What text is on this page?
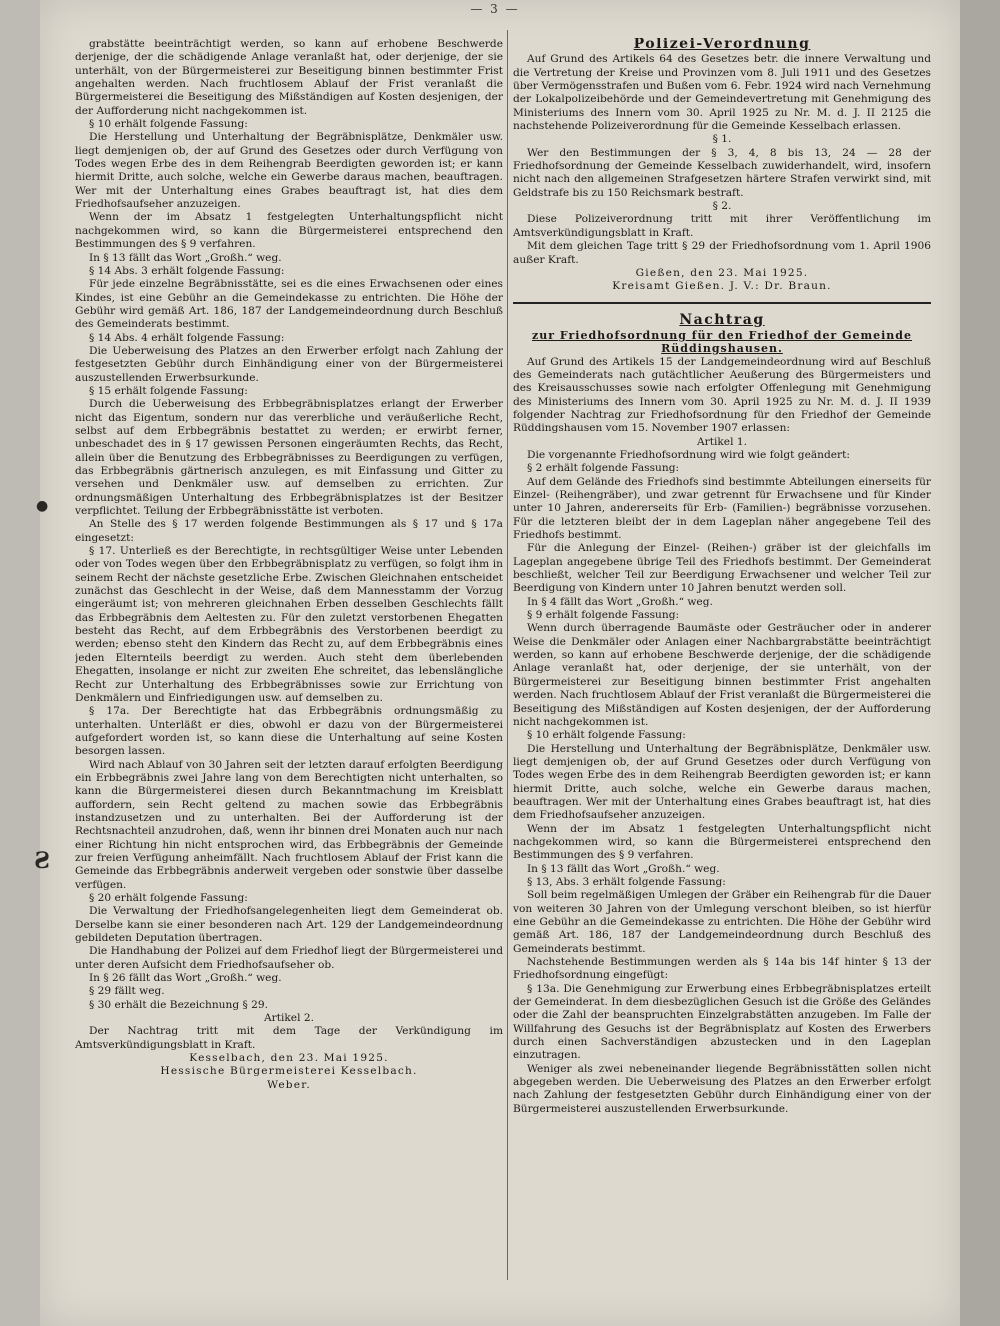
— 3 —
●
Ƨ

grabstätte beeinträchtigt werden, so kann auf erhobene Beschwerde derjenige, der die schädigende Anlage veranlaßt hat, oder derjenige, der sie unterhält, von der Bürgermeisterei zur Beseitigung binnen bestimmter Frist angehalten werden. Nach fruchtlosem Ablauf der Frist veranlaßt die Bürgermeisterei die Beseitigung des Mißständigen auf Kosten desjenigen, der der Aufforderung nicht nachgekommen ist.

§ 10 erhält folgende Fassung:

Die Herstellung und Unterhaltung der Begräbnisplätze, Denkmäler usw. liegt demjenigen ob, der auf Grund des Gesetzes oder durch Verfügung von Todes wegen Erbe des in dem Reihengrab Beerdigten geworden ist; er kann hiermit Dritte, auch solche, welche ein Gewerbe daraus machen, beauftragen. Wer mit der Unterhaltung eines Grabes beauftragt ist, hat dies dem Friedhofsaufseher anzuzeigen.

Wenn der im Absatz 1 festgelegten Unterhaltungspflicht nicht nachgekommen wird, so kann die Bürgermeisterei entsprechend den Bestimmungen des § 9 verfahren.

In § 13 fällt das Wort „Großh.“ weg.

§ 14 Abs. 3 erhält folgende Fassung:

Für jede einzelne Begräbnisstätte, sei es die eines Erwachsenen oder eines Kindes, ist eine Gebühr an die Gemeindekasse zu entrichten. Die Höhe der Gebühr wird gemäß Art. 186, 187 der Landgemeindeordnung durch Beschluß des Gemeinderats bestimmt.

§ 14 Abs. 4 erhält folgende Fassung:

Die Ueberweisung des Platzes an den Erwerber erfolgt nach Zahlung der festgesetzten Gebühr durch Einhändigung einer von der Bürgermeisterei auszustellenden Erwerbsurkunde.

§ 15 erhält folgende Fassung:

Durch die Ueberweisung des Erbbegräbnisplatzes erlangt der Erwerber nicht das Eigentum, sondern nur das vererbliche und veräußerliche Recht, selbst auf dem Erbbegräbnis bestattet zu werden; er erwirbt ferner, unbeschadet des in § 17 gewissen Personen eingeräumten Rechts, das Recht, allein über die Benutzung des Erbbegräbnisses zu Beerdigungen zu verfügen, das Erbbegräbnis gärtnerisch anzulegen, es mit Einfassung und Gitter zu versehen und Denkmäler usw. auf demselben zu errichten. Zur ordnungsmäßigen Unterhaltung des Erbbegräbnisplatzes ist der Besitzer verpflichtet. Teilung der Erbbegräbnisstätte ist verboten.

An Stelle des § 17 werden folgende Bestimmungen als § 17 und § 17a eingesetzt:

§ 17. Unterließ es der Berechtigte, in rechtsgültiger Weise unter Lebenden oder von Todes wegen über den Erbbegräbnisplatz zu verfügen, so folgt ihm in seinem Recht der nächste gesetzliche Erbe. Zwischen Gleichnahen entscheidet zunächst das Geschlecht in der Weise, daß dem Mannesstamm der Vorzug eingeräumt ist; von mehreren gleichnahen Erben desselben Geschlechts fällt das Erbbegräbnis dem Aeltesten zu. Für den zuletzt verstorbenen Ehegatten besteht das Recht, auf dem Erbbegräbnis des Verstorbenen beerdigt zu werden; ebenso steht den Kindern das Recht zu, auf dem Erbbegräbnis eines jeden Elternteils beerdigt zu werden. Auch steht dem überlebenden Ehegatten, insolange er nicht zur zweiten Ehe schreitet, das lebenslängliche Recht zur Unterhaltung des Erbbegräbnisses sowie zur Errichtung von Denkmälern und Einfriedigungen usw. auf demselben zu.

§ 17a. Der Berechtigte hat das Erbbegräbnis ordnungsmäßig zu unterhalten. Unterläßt er dies, obwohl er dazu von der Bürgermeisterei aufgefordert worden ist, so kann diese die Unterhaltung auf seine Kosten besorgen lassen.

Wird nach Ablauf von 30 Jahren seit der letzten darauf erfolgten Beerdigung ein Erbbegräbnis zwei Jahre lang von dem Berechtigten nicht unterhalten, so kann die Bürgermeisterei diesen durch Bekanntmachung im Kreisblatt auffordern, sein Recht geltend zu machen sowie das Erbbegräbnis instandzusetzen und zu unterhalten. Bei der Aufforderung ist der Rechtsnachteil anzudrohen, daß, wenn ihr binnen drei Monaten auch nur nach einer Richtung hin nicht entsprochen wird, das Erbbegräbnis der Gemeinde zur freien Verfügung anheimfällt. Nach fruchtlosem Ablauf der Frist kann die Gemeinde das Erbbegräbnis anderweit vergeben oder sonstwie über dasselbe verfügen.

§ 20 erhält folgende Fassung:

Die Verwaltung der Friedhofsangelegenheiten liegt dem Gemeinderat ob. Derselbe kann sie einer besonderen nach Art. 129 der Landgemeindeordnung gebildeten Deputation übertragen.

Die Handhabung der Polizei auf dem Friedhof liegt der Bürgermeisterei und unter deren Aufsicht dem Friedhofsaufseher ob.

In § 26 fällt das Wort „Großh.“ weg.

§ 29 fällt weg.

§ 30 erhält die Bezeichnung § 29.

Artikel 2.

Der Nachtrag tritt mit dem Tage der Verkündigung im Amtsverkündigungsblatt in Kraft.

Kesselbach, den 23. Mai 1925.

Hessische Bürgermeisterei Kesselbach.

Weber.

Polizei-Verordnung

Auf Grund des Artikels 64 des Gesetzes betr. die innere Verwaltung und die Vertretung der Kreise und Provinzen vom 8. Juli 1911 und des Gesetzes über Vermögensstrafen und Bußen vom 6. Febr. 1924 wird nach Vernehmung der Lokalpolizeibehörde und der Gemeindevertretung mit Genehmigung des Ministeriums des Innern vom 30. April 1925 zu Nr. M. d. J. II 2125 die nachstehende Polizeiverordnung für die Gemeinde Kesselbach erlassen.

§ 1.

Wer den Bestimmungen der § 3, 4, 8 bis 13, 24 — 28 der Friedhofsordnung der Gemeinde Kesselbach zuwiderhandelt, wird, insofern nicht nach den allgemeinen Strafgesetzen härtere Strafen verwirkt sind, mit Geldstrafe bis zu 150 Reichsmark bestraft.

§ 2.

Diese Polizeiverordnung tritt mit ihrer Veröffentlichung im Amtsverkündigungsblatt in Kraft.

Mit dem gleichen Tage tritt § 29 der Friedhofsordnung vom 1. April 1906 außer Kraft.

Gießen, den 23. Mai 1925.

Kreisamt Gießen. J. V.: Dr. Braun.

Nachtrag

zur Friedhofsordnung für den Friedhof der Gemeinde Rüddingshausen.

Auf Grund des Artikels 15 der Landgemeindeordnung wird auf Beschluß des Gemeinderats nach gutächtlicher Aeußerung des Bürgermeisters und des Kreisausschusses sowie nach erfolgter Offenlegung mit Genehmigung des Ministeriums des Innern vom 30. April 1925 zu Nr. M. d. J. II 1939 folgender Nachtrag zur Friedhofsordnung für den Friedhof der Gemeinde Rüddingshausen vom 15. November 1907 erlassen:

Artikel 1.

Die vorgenannte Friedhofsordnung wird wie folgt geändert:

§ 2 erhält folgende Fassung:

Auf dem Gelände des Friedhofs sind bestimmte Abteilungen einerseits für Einzel- (Reihengräber), und zwar getrennt für Erwachsene und für Kinder unter 10 Jahren, andererseits für Erb- (Familien-) begräbnisse vorzusehen. Für die letzteren bleibt der in dem Lageplan näher angegebene Teil des Friedhofs bestimmt.

Für die Anlegung der Einzel- (Reihen-) gräber ist der gleichfalls im Lageplan angegebene übrige Teil des Friedhofs bestimmt. Der Gemeinderat beschließt, welcher Teil zur Beerdigung Erwachsener und welcher Teil zur Beerdigung von Kindern unter 10 Jahren benutzt werden soll.

In § 4 fällt das Wort „Großh.“ weg.

§ 9 erhält folgende Fassung:

Wenn durch überragende Baumäste oder Gesträucher oder in anderer Weise die Denkmäler oder Anlagen einer Nachbargrabstätte beeinträchtigt werden, so kann auf erhobene Beschwerde derjenige, der die schädigende Anlage veranlaßt hat, oder derjenige, der sie unterhält, von der Bürgermeisterei zur Beseitigung binnen bestimmter Frist angehalten werden. Nach fruchtlosem Ablauf der Frist veranlaßt die Bürgermeisterei die Beseitigung des Mißständigen auf Kosten desjenigen, der der Aufforderung nicht nachgekommen ist.

§ 10 erhält folgende Fassung:

Die Herstellung und Unterhaltung der Begräbnisplätze, Denkmäler usw. liegt demjenigen ob, der auf Grund Gesetzes oder durch Verfügung von Todes wegen Erbe des in dem Reihengrab Beerdigten geworden ist; er kann hiermit Dritte, auch solche, welche ein Gewerbe daraus machen, beauftragen. Wer mit der Unterhaltung eines Grabes beauftragt ist, hat dies dem Friedhofsaufseher anzuzeigen.

Wenn der im Absatz 1 festgelegten Unterhaltungspflicht nicht nachgekommen wird, so kann die Bürgermeisterei entsprechend den Bestimmungen des § 9 verfahren.

In § 13 fällt das Wort „Großh.“ weg.

§ 13, Abs. 3 erhält folgende Fassung:

Soll beim regelmäßigen Umlegen der Gräber ein Reihengrab für die Dauer von weiteren 30 Jahren von der Umlegung verschont bleiben, so ist hierfür eine Gebühr an die Gemeindekasse zu entrichten. Die Höhe der Gebühr wird gemäß Art. 186, 187 der Landgemeindeordnung durch Beschluß des Gemeinderats bestimmt.

Nachstehende Bestimmungen werden als § 14a bis 14f hinter § 13 der Friedhofsordnung eingefügt:

§ 13a. Die Genehmigung zur Erwerbung eines Erbbegräbnisplatzes erteilt der Gemeinderat. In dem diesbezüglichen Gesuch ist die Größe des Geländes oder die Zahl der beanspruchten Einzelgrabstätten anzugeben. Im Falle der Willfahrung des Gesuchs ist der Begräbnisplatz auf Kosten des Erwerbers durch einen Sachverständigen abzustecken und in den Lageplan einzutragen.

Weniger als zwei nebeneinander liegende Begräbnisstätten sollen nicht abgegeben werden. Die Ueberweisung des Platzes an den Erwerber erfolgt nach Zahlung der festgesetzten Gebühr durch Einhändigung einer von der Bürgermeisterei auszustellenden Erwerbsurkunde.
